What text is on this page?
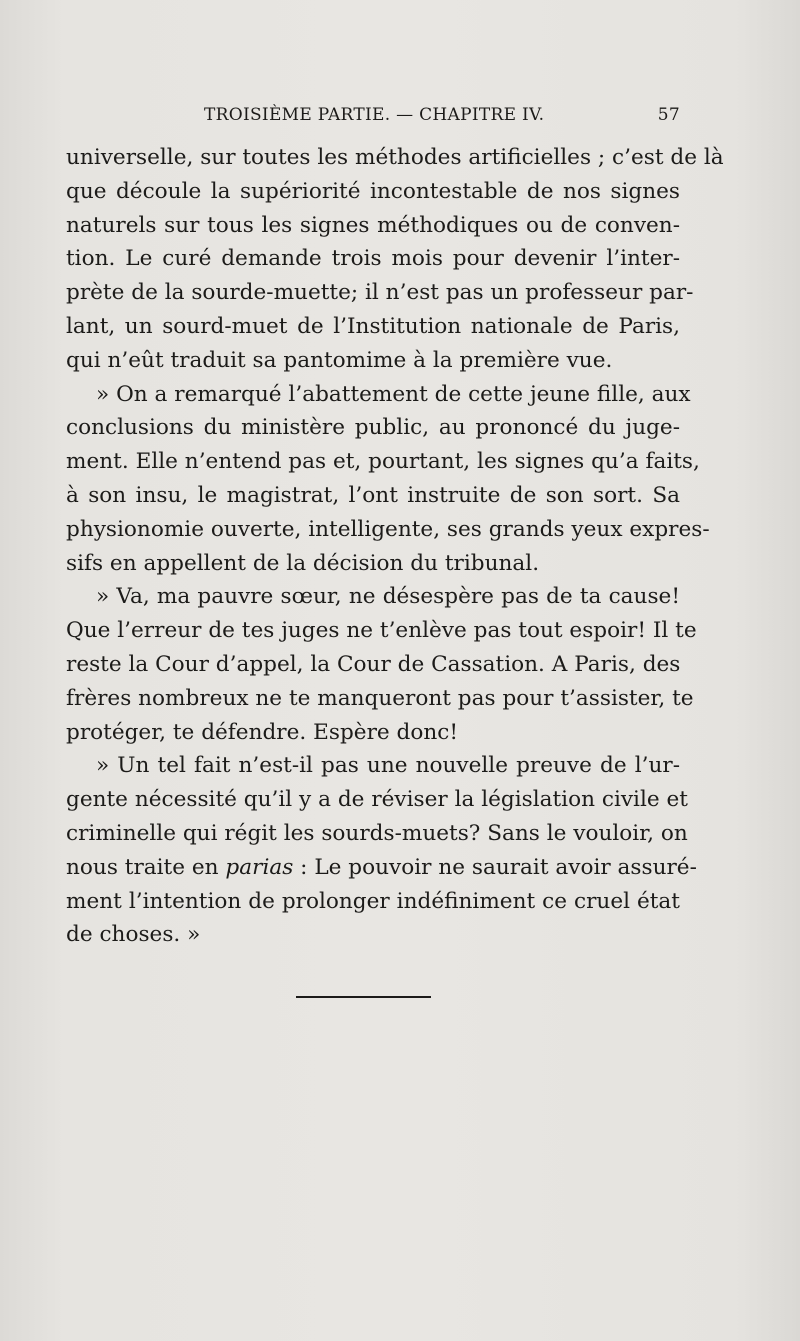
TROISIÈME PARTIE. — CHAPITRE IV.	57
universelle, sur toutes les méthodes artificielles ; c’est de là
que découle la supériorité incontestable de nos signes
naturels sur tous les signes méthodiques ou de conven-
tion. Le curé demande trois mois pour devenir l’inter-
prète de la sourde-muette; il n’est pas un professeur par-
lant, un sourd-muet de l’Institution nationale de Paris,
qui n’eût traduit sa pantomime à la première vue.
» On a remarqué l’abattement de cette jeune fille, aux
conclusions du ministère public, au prononcé du juge-
ment. Elle n’entend pas et, pourtant, les signes qu’a faits,
à son insu, le magistrat, l’ont instruite de son sort. Sa
physionomie ouverte, intelligente, ses grands yeux expres-
sifs en appellent de la décision du tribunal.
» Va, ma pauvre sœur, ne désespère pas de ta cause!
Que l’erreur de tes juges ne t’enlève pas tout espoir! Il te
reste la Cour d’appel, la Cour de Cassation. A Paris, des
frères nombreux ne te manqueront pas pour t’assister, te
protéger, te défendre. Espère donc!
» Un tel fait n’est-il pas une nouvelle preuve de l’ur-
gente nécessité qu’il y a de réviser la législation civile et
criminelle qui régit les sourds-muets? Sans le vouloir, on
nous traite en parias : Le pouvoir ne saurait avoir assuré-
ment l’intention de prolonger indéfiniment ce cruel état
de choses. »
